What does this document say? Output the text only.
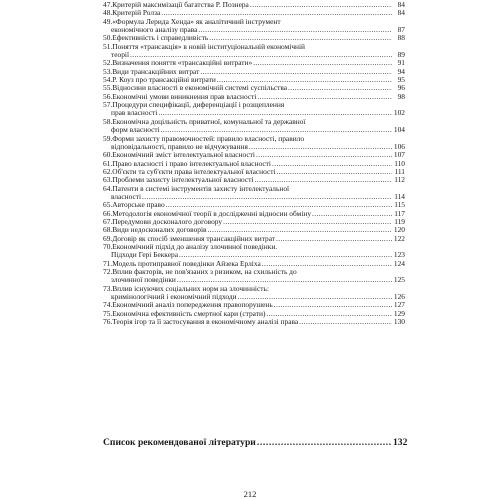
47.Критерій максимізації багатства Р. Познера .....	84
48.Критерій Ролза .....	84
49.«Формула Лерида Хенда» як аналітичний інструмент
економічного аналізу права .....	87
50.Ефективність і справедливість .....	88
51.Поняття «трансакція» в новій інституціональній економічній
теорії .....	89
52.Визначення поняття «трансакційні витрати» .....	91
53.Види трансакційних витрат .....	94
54.Р. Коуз про трансакційні витрати .....	95
55.Відносини власності в економічній системі суспільства .....	96
56.Економічні умови виникнення прав власності .....	98
57.Процедури специфікації, диференціації і розщеплення
прав власності .....	102
58.Економічна доцільність приватної, комунальної та державної
форм власності .....	104
59.Форми захисту правомочностей: правило власності, правило
відповідальності, правило не відчужування .....	106
60.Економічний зміст інтелектуальної власності .....	107
61.Право власності і право інтелектуальної власності .....	110
62.Об'єкти та суб'єкти права інтелектуальної власності .....	111
63.Проблеми захисту інтелектуальної власності .....	112
64.Патенти в системі інструментів захисту інтелектуальної
власності .....	114
65.Авторське право .....	115
66.Методологія економічної теорії в дослідженні відносин обміну .....	117
67.Передумови досконалого договору .....	119
68.Види недосконалих договорів .....	120
69.Договір як спосіб зменшення трансакційних витрат .....	122
70.Економічний підхід до аналізу злочинної поведінки.
Підходи Гері Беккера .....	123
71.Модель протиправної поведінки Айзека Ерліха .....	124
72.Вплив факторів, не пов'язаних з ризиком, на схильність до
злочинної поведінки .....	125
73.Вплив існуючих соціальних норм на злочинність:
кримінологічний і економічний підходи .....	126
74.Економічний аналіз попередження правопорушень .....	127
75.Економічна ефективність смертної кари (страти) .....	129
76.Теорія ігор та її застосування в економічному аналізі права .....	130
Список рекомендованої літератури .....	132
212
